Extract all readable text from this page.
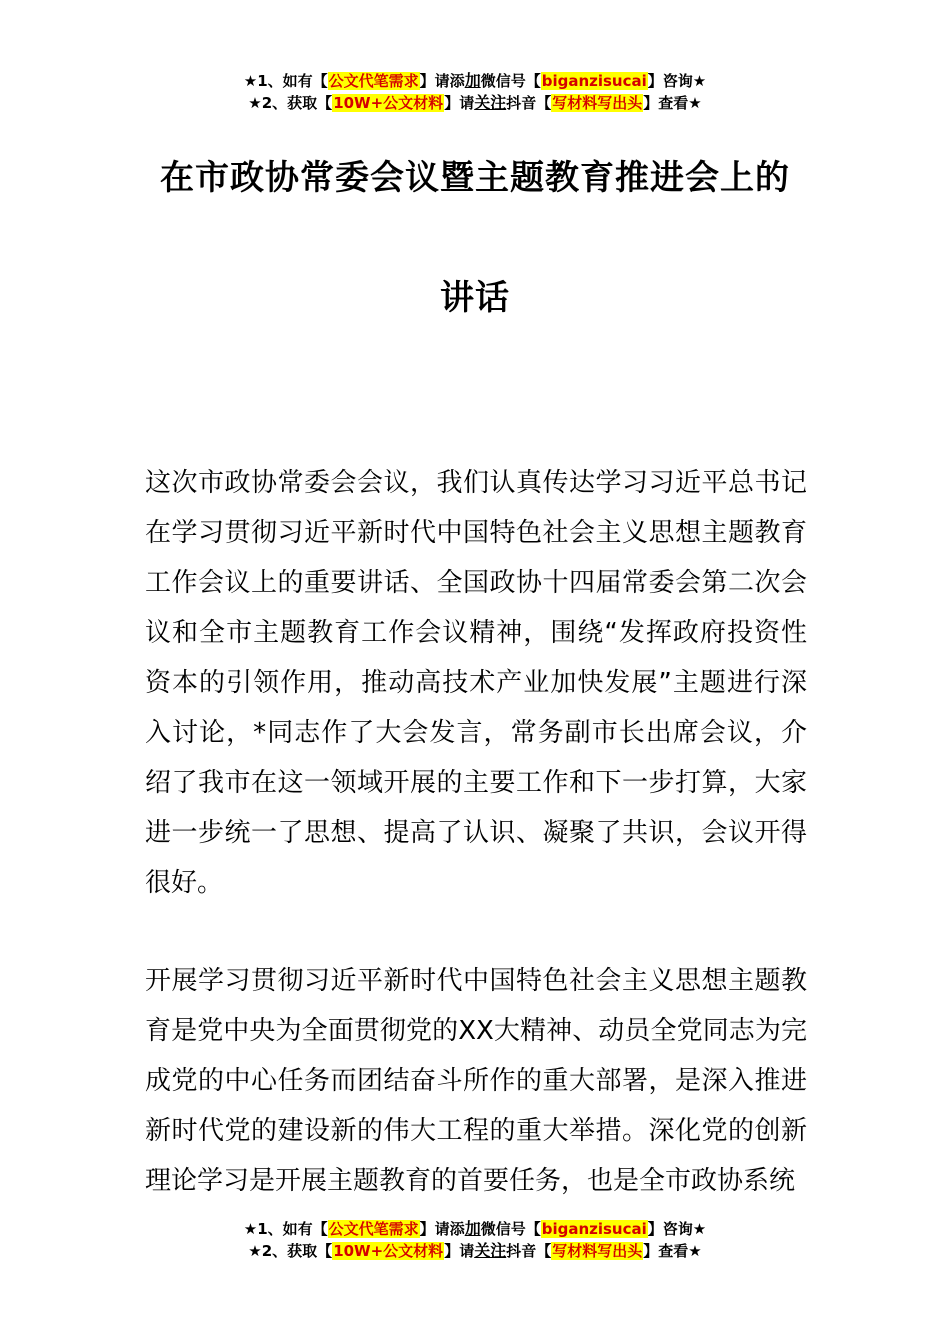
★1、如有【公文代笔需求】请添加微信号【biganzisucai】咨询★
★2、获取【10W+公文材料】请关注抖音【写材料写出头】查看★
在市政协常委会议暨主题教育推进会上的
讲话

这次市政协常委会会议，我们认真传达学习习近平总书记在学习贯彻习近平新时代中国特色社会主义思想主题教育工作会议上的重要讲话、全国政协十四届常委会第二次会议和全市主题教育工作会议精神，围绕“发挥政府投资性资本的引领作用，推动高技术产业加快发展”主题进行深入讨论，*同志作了大会发言，常务副市长出席会议，介绍了我市在这一领域开展的主要工作和下一步打算，大家进一步统一了思想、提高了认识、凝聚了共识，会议开得很好。

开展学习贯彻习近平新时代中国特色社会主义思想主题教育是党中央为全面贯彻党的XX大精神、动员全党同志为完成党的中心任务而团结奋斗所作的重大部署，是深入推进新时代党的建设新的伟大工程的重大举措。深化党的创新理论学习是开展主题教育的首要任务，也是全市政协系统

★1、如有【公文代笔需求】请添加微信号【biganzisucai】咨询★
★2、获取【10W+公文材料】请关注抖音【写材料写出头】查看★
